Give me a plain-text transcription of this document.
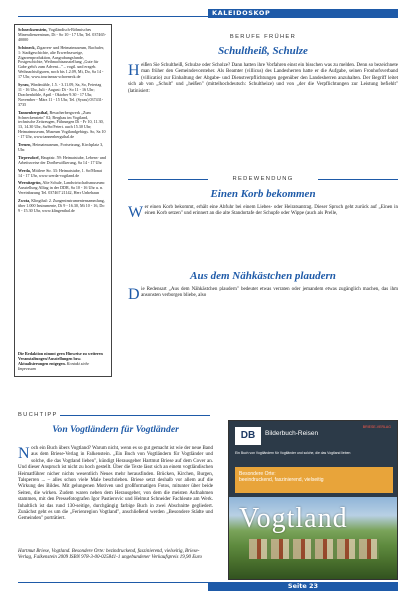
KALEIDOSKOP
Schnecksenstein, Vogtländisch-Böhmisches Mineralienzentrum, Di - So 10 - 17 Uhr, Tel. 037465-40000
Schöneck, Zigarren- und Heimatmuseum, Bachufer, 1: Stadtgeschichte, alte Erwerbszweige, Zigarrenproduktion, Ausgrabungsfunde, Postgeschichte, Weihnachtsausstellung „Gute für Gabe geht's zum Advent..." – vogtl. und erzgeb. Weihnachtsfiguren, noch bis 1.2.09, Mi, Do, Sa 14 - 17 Uhr, www.tourismus-schoeneck.de
Syrau, Windmühle, 1.5. - 3.11.09, Sa, So, Feiertag 11 - 16 Uhr, Juli - August: Di - So 11 - 16 Uhr; Drachenhöhle, April - Oktober 9.30 - 17 Uhr, November - März 11 - 15 Uhr, Tel. (Syrau) 037431-3735
Tannenbergsthal, Besucherbergwerk „Zum Schneckenstein" 02; Bergbau im Vogtland, technische Zeitzeugen, Führungen Di - Fr 10, 11.30, 13, 14.30 Uhr, Sa/So/Feiert. auch 15.30 Uhr; Heimatmuseum, Museum Vogtlandgebirgs. So, Sa 10 - 17 Uhr, www.tannenbergsthal.de
Treuen, Heimatmuseum, Fortsetzung, Kirchplatz 3, Uhr.
Tirpersdorf, Hauptstr. 59: Heimatstube, Lebens- und Arbeitsweise der Dorfbewölkerung, Sa 14 - 17 Uhr
Werda, Mittlere Str. 33: Heimatstube, 1. So/Monat 14 - 17 Uhr, www.werda-vogtland.de
Wernitzgrün, Alte Schule, Landwirtschaftsmuseum: Ausstellung Alltag in der DDR, Sa 10 - 16 Uhr u. n. Vereinbarung Tel. 037467 21142, Herr Unbehaun
Zwota, Klingthal: 2. Zungeninstrumentensammlung, über 1.000 Instrumente, Di 9 - 16.30, Mi 10 - 16, Do 9 - 15.30 Uhr, www.klingenthal.de
Die Redaktion nimmt gern Hinweise zu weiteren Veranstaltungen/Ausstellungen bzw. Aktualisierungen entgegen. Kontakt siehe Impressum
BERUFE FRÜHER
Schultheiß, Schulze
Heißen Sie Schultheiß, Schulze oder Scholze? Dann hatten ihre Vorfahren einst ein bisschen was zu melden. Denn so bezeichnete man früher den Gemeindevorsteher. Als Beamter (villicus) des Landesherren hatte er die Aufgabe, seinen Fronhofsverband (villicatio) zur Einhaltung der Abgabe- und Dienstverpflichtungen gegenüber den Landesherren anzuhalten. Der Begriff leitet sich ab von „Schult" und „heißen" (mittelhochdeutsch: Schultheize) und von „der die Verpflichtungen zur Leistung befiehlt" (latinisiert:
REDEWENDUNG
Einen Korb bekommen
Wer einen Korb bekommt, erhält eine Abfuhr bei einem Liebes- oder Heiratsantrag. Dieser Spruch geht zurück auf „Einen in einen Korb setzen" und erinnert an die alte Standortafe der Schupfe oder Wippe (auch als Prelle,
Aus dem Nähkästchen plaudern
Die Redensart „Aus dem Nähkästchen plaudern" bedeutet etwas verraten oder jemandem etwas zugänglich machen, das ihm ansonsten verborgen bliebe, also
BUCHTIPP
Von Vogtländern für Vogtländer
Noch ein Buch übers Vogtland? Warum nicht, wenn es so gut gemacht ist wie der neue Band aus dem Briese-Verlag in Falkenstein. „Ein Buch von Vogtländern für Vogtländer und solche, die das Vogtland lieben", kündigt Herausgeber Hartmut Briese auf dem Cover an. Und dieser Anspruch ist nicht zu hoch gestellt. Über die Texte lässt sich an einem vogtländischen Heimatführer nicher nichts wesentlich Neues mehr herausfinden. Brücken, Kirchen, Burgen, Talsperren ... – alles schon viele Male beschrieben. Briese setzt deshalb vor allem auf die Wirkung des Bildes. Mit gelungenen Motiven und großformatigen Fotos, mitunter über beide Seiten, die wirken. Zudem waren neben dem Herausgeber, von dem die meisten Aufnahmen stammen, mit den Pressefotografen Igor Pastierovic und Helmut Schneider Fachleute am Werk. Inhaltlich ist das rund 130-seitige, durchgängig farbige Buch in zwei Abschnitte gegliedert. Zunächst geht es um die „Ferienregion Vogtland", anschließend werden „Besondere Städte und Gemeinden" porträtiert.
Hartmut Briese, Vogtland. Besondere Orte: bezindruckend, faszinierend, vielseitig, Briese-Verlag, Falkenstein 2009 ISBN 978-3-00-025841-1 ungebundener Verkaufspreis 19,90 Euro
DB	Bilderbuch-Reisen
BRIESE-VERLAG
Ein Buch von Vogtländern für Vogtländer und solche, die das Vogtland lieben
Besondere Orte:
beeindruckend, faszinierend, vielseitig
Vogtland
Seite 23
